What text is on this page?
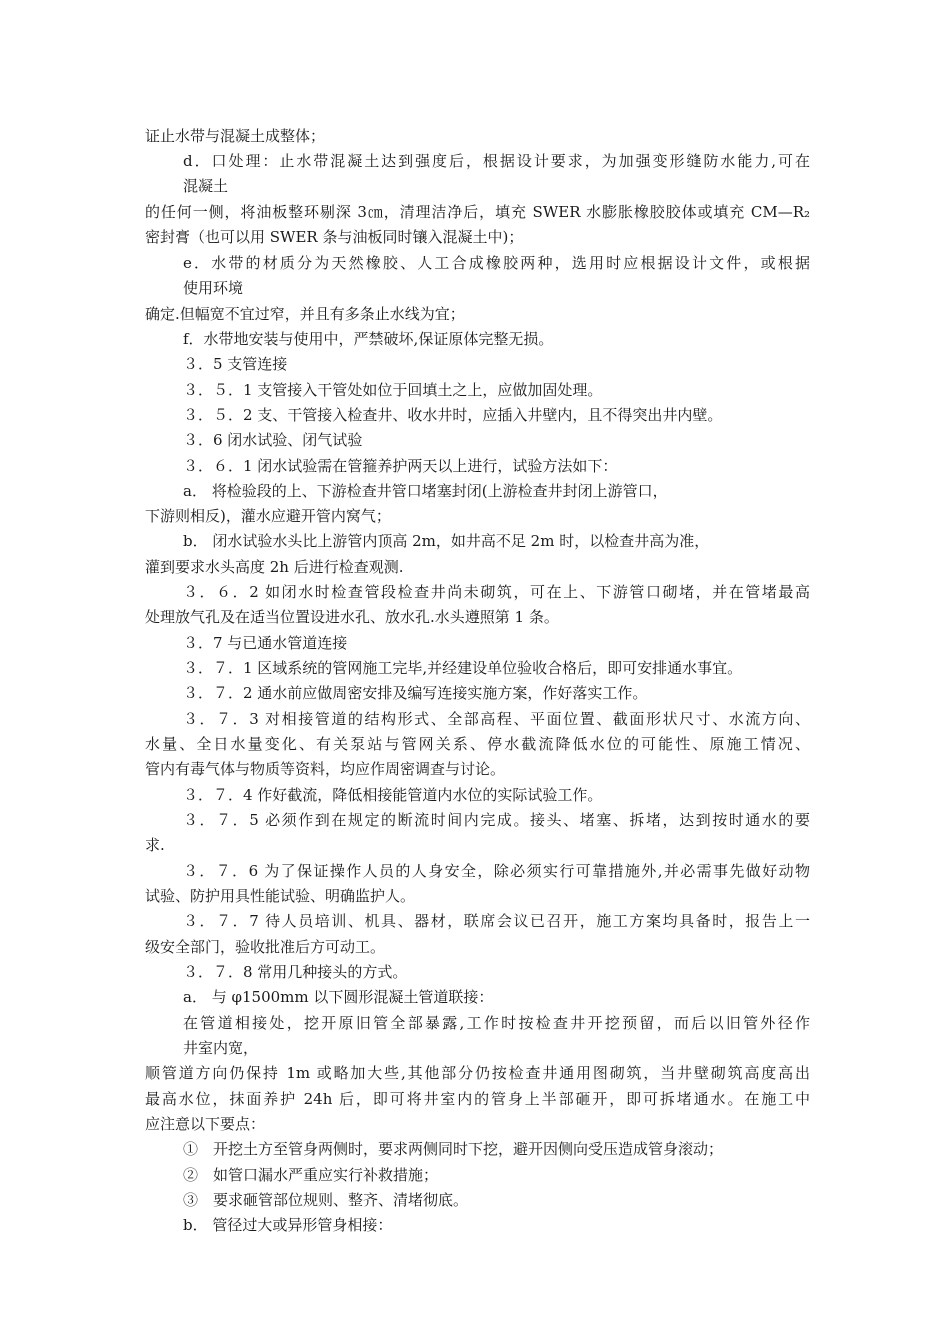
证止水带与混凝土成整体；
d．口处理：止水带混凝土达到强度后，根据设计要求，为加强变形缝防水能力,可在
混凝土
的任何一侧，将油板整环剔深 3㎝，清理洁净后，填充 SWER 水膨胀橡胶胶体或填充 CM—R₂
密封膏（也可以用 SWER 条与油板同时镶入混凝土中)；
e．水带的材质分为天然橡胶、人工合成橡胶两种，选用时应根据设计文件，或根据
使用环境
确定.但幅宽不宜过窄，并且有多条止水线为宜；
f．水带地安装与使用中，严禁破坏,保证原体完整无损。
３．5 支管连接
３．５．1 支管接入干管处如位于回填土之上，应做加固处理。
３．５．2 支、干管接入检查井、收水井时，应插入井壁内，且不得突出井内壁。
３．6 闭水试验、闭气试验
３．６．1 闭水试验需在管箍养护两天以上进行，试验方法如下：
a． 将检验段的上、下游检查井管口堵塞封闭(上游检查井封闭上游管口，
下游则相反)，灌水应避开管内窝气；
b． 闭水试验水头比上游管内顶高 2m，如井高不足 2m 时，以检查井高为准，
灌到要求水头高度 2h 后进行检查观测.
３．６．2 如闭水时检查管段检查井尚未砌筑，可在上、下游管口砌堵，并在管堵最高
处理放气孔及在适当位置设进水孔、放水孔.水头遵照第 1 条。
３．7 与已通水管道连接
３．７．1 区域系统的管网施工完毕,并经建设单位验收合格后，即可安排通水事宜。
３．７．2 通水前应做周密安排及编写连接实施方案，作好落实工作。
３．７．3 对相接管道的结构形式、全部高程、平面位置、截面形状尺寸、水流方向、
水量、全日水量变化、有关泵站与管网关系、停水截流降低水位的可能性、原施工情况、
管内有毒气体与物质等资料，均应作周密调查与讨论。
３．７．4 作好截流，降低相接能管道内水位的实际试验工作。
３．７．5 必须作到在规定的断流时间内完成。接头、堵塞、拆堵，达到按时通水的要
求.
３．７．6 为了保证操作人员的人身安全，除必须实行可靠措施外,并必需事先做好动物
试验、防护用具性能试验、明确监护人。
３．７．7 待人员培训、机具、器材，联席会议已召开，施工方案均具备时，报告上一
级安全部门，验收批准后方可动工。
３．７．8 常用几种接头的方式。
a． 与 φ1500mm 以下圆形混凝土管道联接：
在管道相接处，挖开原旧管全部暴露,工作时按检查井开挖预留，而后以旧管外径作
井室内宽，
顺管道方向仍保持 1m 或略加大些,其他部分仍按检查井通用图砌筑，当井壁砌筑高度高出
最高水位，抹面养护 24h 后，即可将井室内的管身上半部砸开，即可拆堵通水。在施工中
应注意以下要点：
①　开挖土方至管身两侧时，要求两侧同时下挖，避开因侧向受压造成管身滚动；
②　如管口漏水严重应实行补救措施；
③　要求砸管部位规则、整齐、清堵彻底。
b． 管径过大或异形管身相接：
